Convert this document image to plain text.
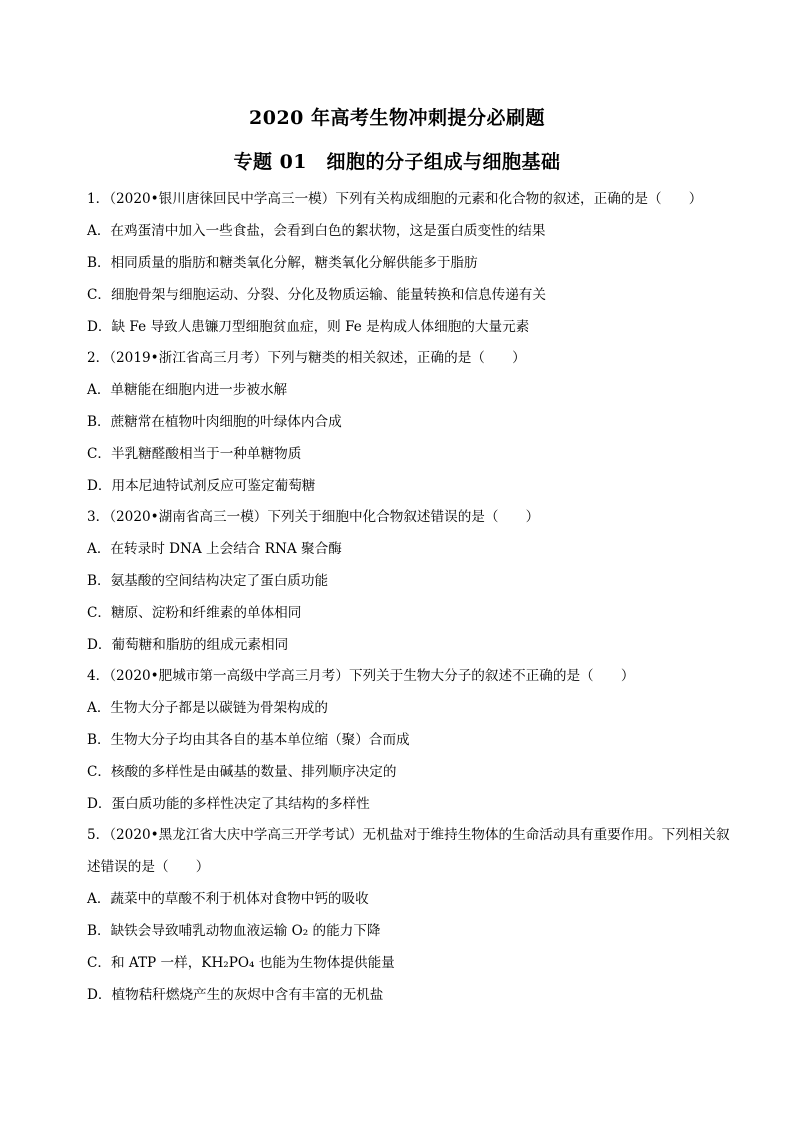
2020 年高考生物冲刺提分必刷题
专题 01　细胞的分子组成与细胞基础
1．（2020•银川唐徕回民中学高三一模）下列有关构成细胞的元素和化合物的叙述，正确的是（　　）
A．在鸡蛋清中加入一些食盐，会看到白色的絮状物，这是蛋白质变性的结果
B．相同质量的脂肪和糖类氧化分解，糖类氧化分解供能多于脂肪
C．细胞骨架与细胞运动、分裂、分化及物质运输、能量转换和信息传递有关
D．缺 Fe 导致人患镰刀型细胞贫血症，则 Fe 是构成人体细胞的大量元素
2．（2019•浙江省高三月考）下列与糖类的相关叙述，正确的是（　　）
A．单糖能在细胞内进一步被水解
B．蔗糖常在植物叶肉细胞的叶绿体内合成
C．半乳糖醛酸相当于一种单糖物质
D．用本尼迪特试剂反应可鉴定葡萄糖
3．（2020•湖南省高三一模）下列关于细胞中化合物叙述错误的是（　　）
A．在转录时 DNA 上会结合 RNA 聚合酶
B．氨基酸的空间结构决定了蛋白质功能
C．糖原、淀粉和纤维素的单体相同
D．葡萄糖和脂肪的组成元素相同
4．（2020•肥城市第一高级中学高三月考）下列关于生物大分子的叙述不正确的是（　　）
A．生物大分子都是以碳链为骨架构成的
B．生物大分子均由其各自的基本单位缩（聚）合而成
C．核酸的多样性是由碱基的数量、排列顺序决定的
D．蛋白质功能的多样性决定了其结构的多样性
5．（2020•黑龙江省大庆中学高三开学考试）无机盐对于维持生物体的生命活动具有重要作用。下列相关叙
述错误的是（　　）
A．蔬菜中的草酸不利于机体对食物中钙的吸收
B．缺铁会导致哺乳动物血液运输 O₂ 的能力下降
C．和 ATP 一样，KH₂PO₄ 也能为生物体提供能量
D．植物秸秆燃烧产生的灰烬中含有丰富的无机盐
